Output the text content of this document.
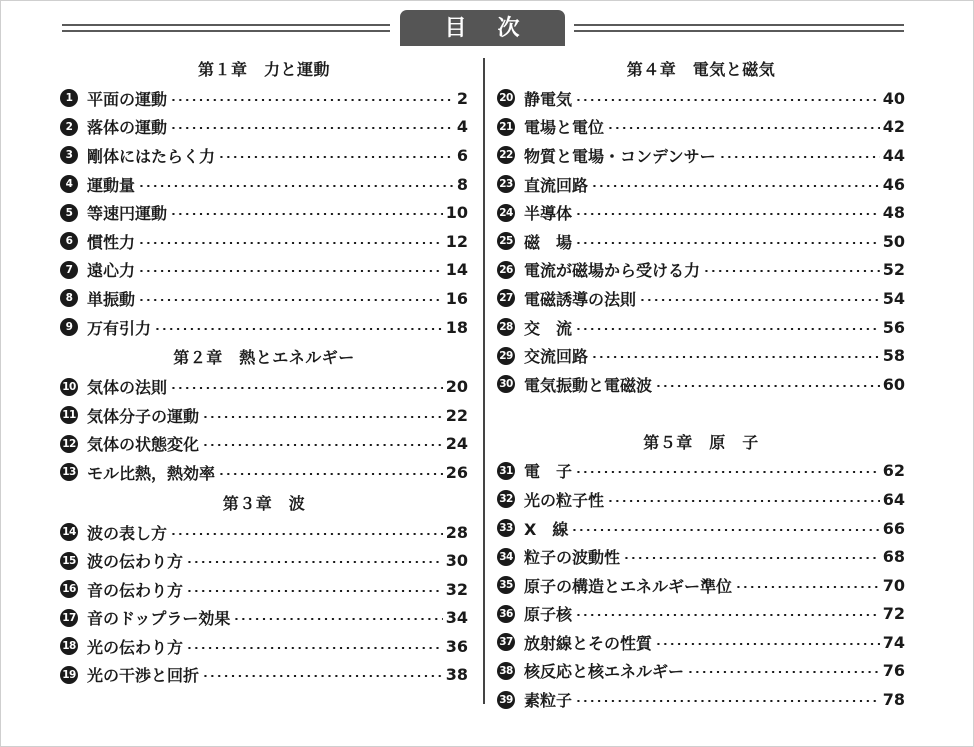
目 次
第１章　力と運動
1 平面の運動	2
2 落体の運動	4
3 剛体にはたらく力	6
4 運動量	8
5 等速円運動	10
6 慣性力	12
7 遠心力	14
8 単振動	16
9 万有引力	18
第２章　熱とエネルギー
10 気体の法則	20
11 気体分子の運動	22
12 気体の状態変化	24
13 モル比熱，熱効率	26
第３章　波
14 波の表し方	28
15 波の伝わり方	30
16 音の伝わり方	32
17 音のドップラー効果	34
18 光の伝わり方	36
19 光の干渉と回折	38
第４章　電気と磁気
20 静電気	40
21 電場と電位	42
22 物質と電場・コンデンサー	44
23 直流回路	46
24 半導体	48
25 磁　場	50
26 電流が磁場から受ける力	52
27 電磁誘導の法則	54
28 交　流	56
29 交流回路	58
30 電気振動と電磁波	60
第５章　原　子
31 電　子	62
32 光の粒子性	64
33 X　線	66
34 粒子の波動性	68
35 原子の構造とエネルギー準位	70
36 原子核	72
37 放射線とその性質	74
38 核反応と核エネルギー	76
39 素粒子	78
